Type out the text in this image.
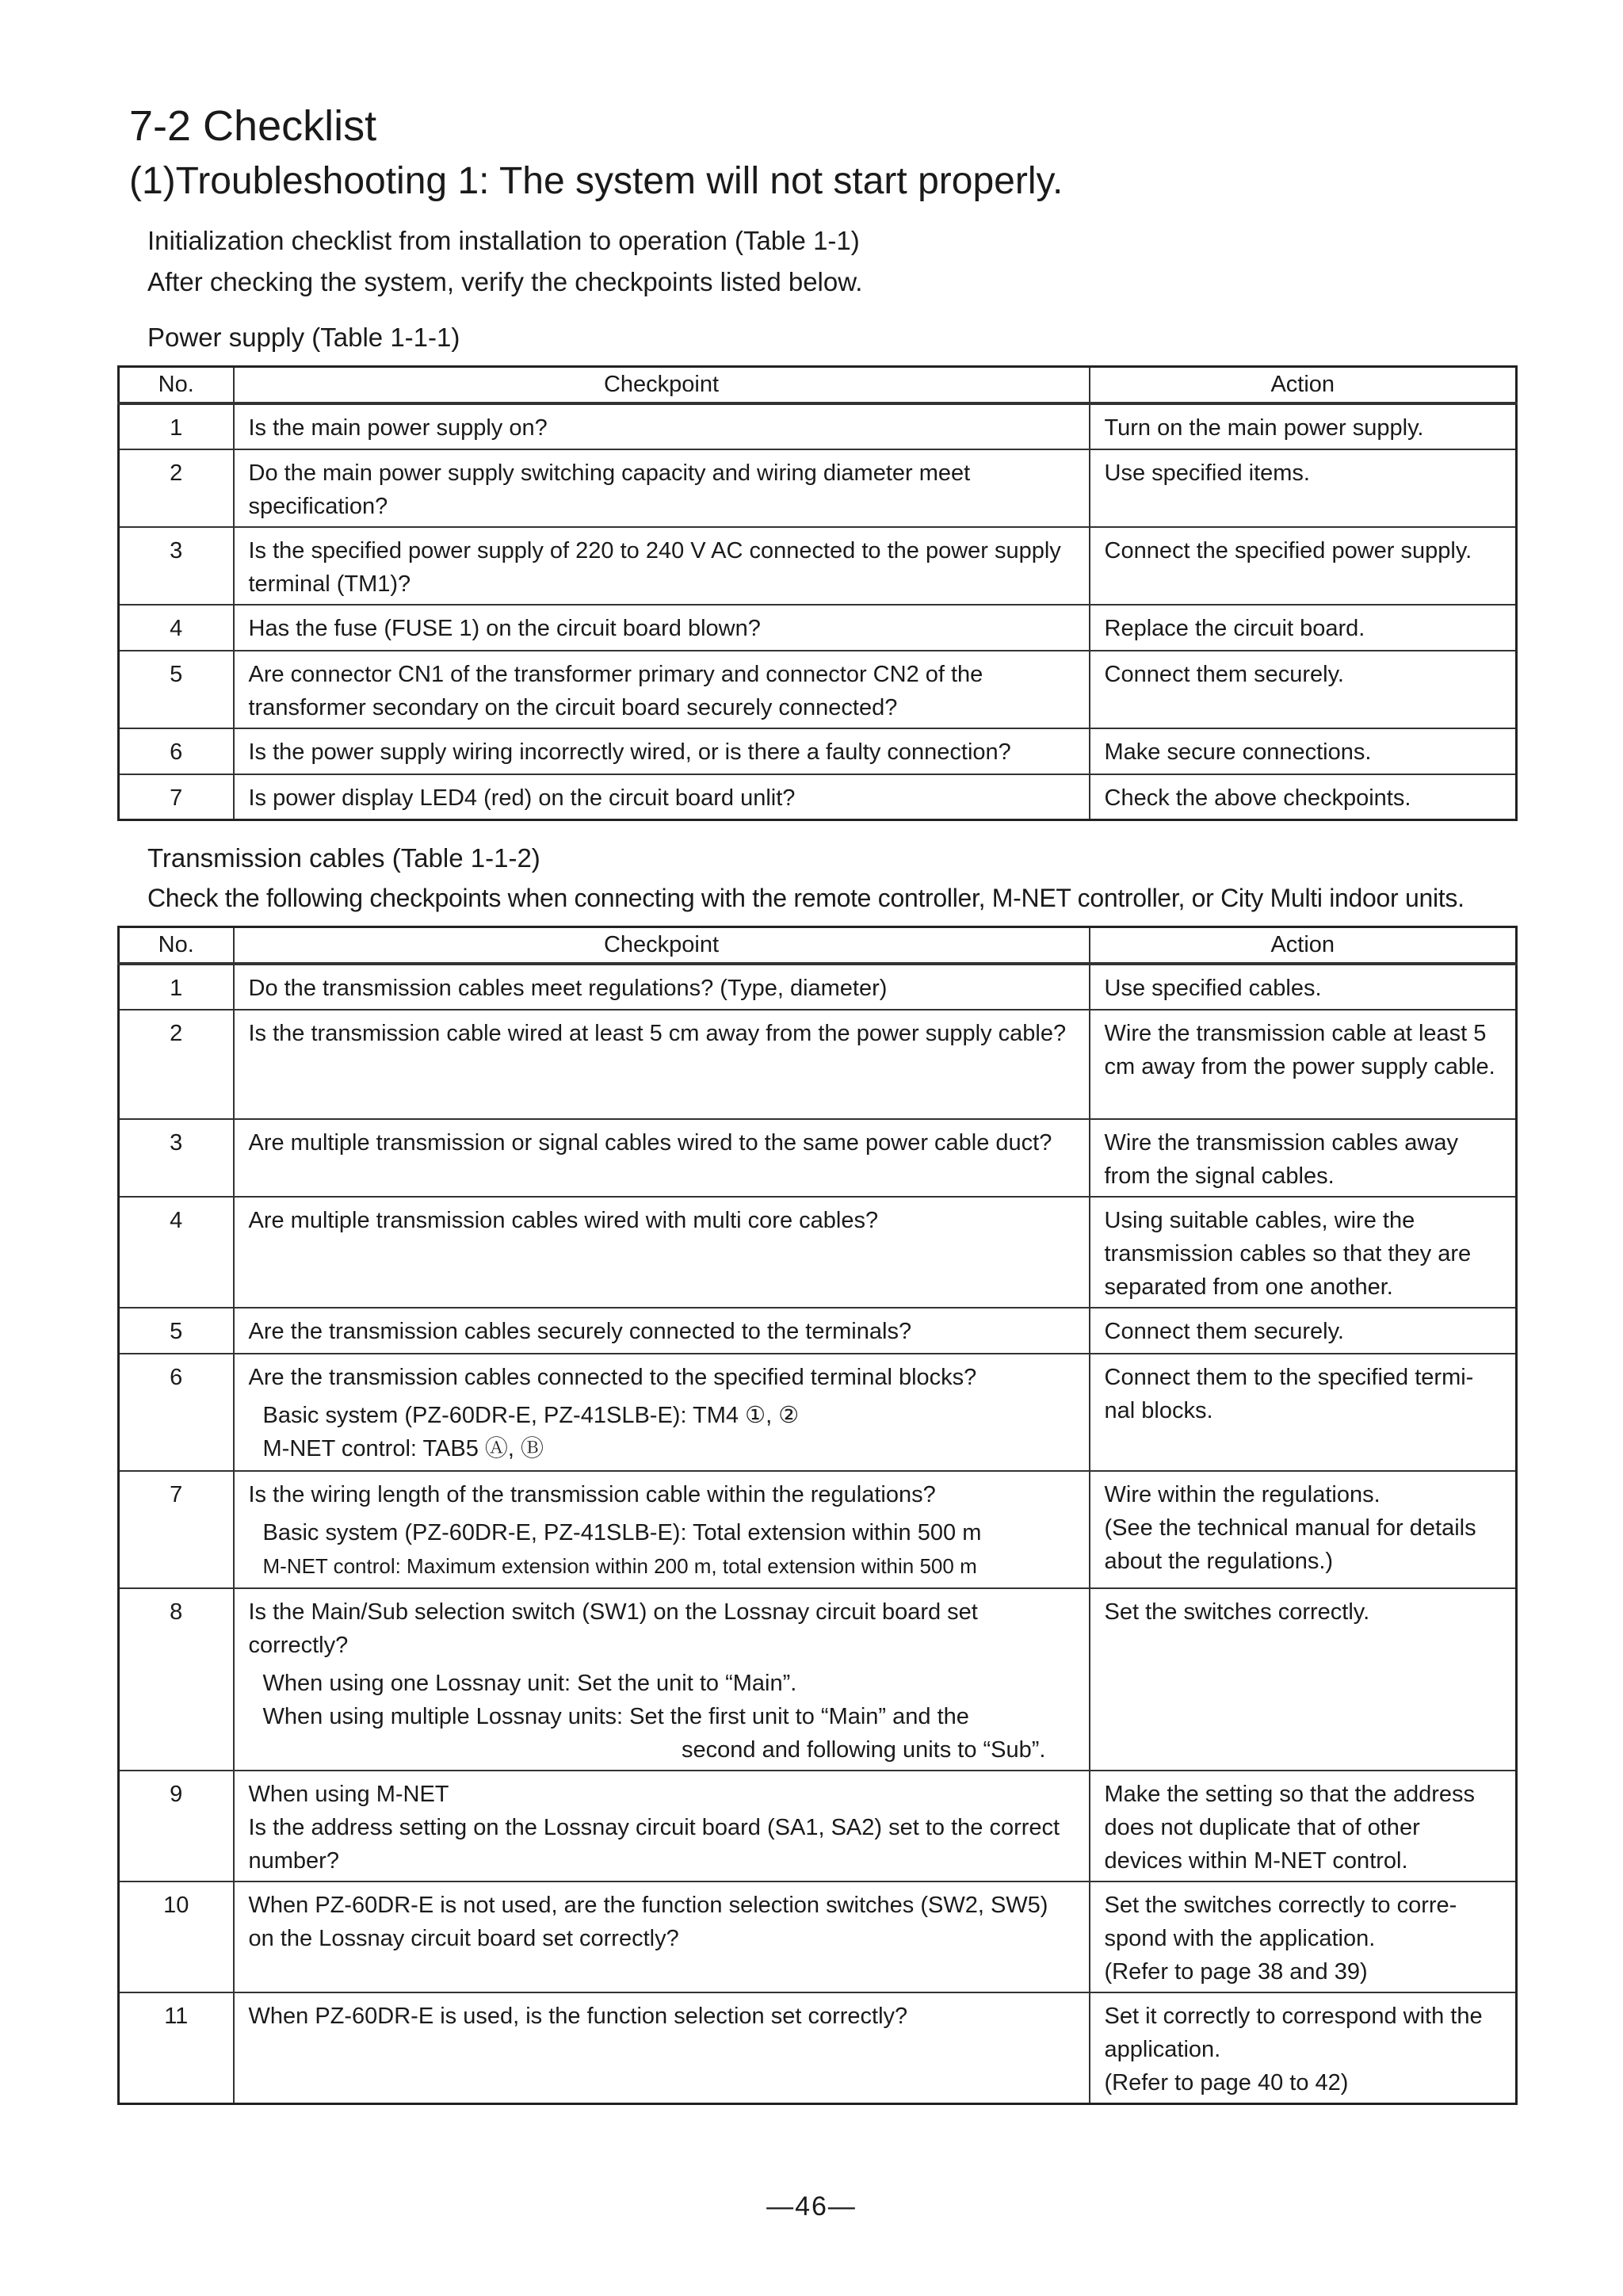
7-2 Checklist
(1)Troubleshooting 1: The system will not start properly.

Initialization checklist from installation to operation (Table 1-1)

After checking the system, verify the checkpoints listed below.

Power supply (Table 1-1-1)

No.	Checkpoint	Action
1	Is the main power supply on?	Turn on the main power supply.
2	Do the main power supply switching capacity and wiring diameter meet specification?	Use specified items.
3	Is the specified power supply of 220 to 240 V AC connected to the power supply terminal (TM1)?	Connect the specified power supply.
4	Has the fuse (FUSE 1) on the circuit board blown?	Replace the circuit board.
5	Are connector CN1 of the transformer primary and connector CN2 of the transformer secondary on the circuit board securely connected?	Connect them securely.
6	Is the power supply wiring incorrectly wired, or is there a faulty connection?	Make secure connections.
7	Is power display LED4 (red) on the circuit board unlit?	Check the above checkpoints.

Transmission cables (Table 1-1-2)

Check the following checkpoints when connecting with the remote controller, M-NET controller, or City Multi indoor units.

No.	Checkpoint	Action
1	Do the transmission cables meet regulations? (Type, diameter)	Use specified cables.
2	Is the transmission cable wired at least 5 cm away from the power supply cable?	Wire the transmission cable at least 5 cm away from the power supply cable.
3	Are multiple transmission or signal cables wired to the same power cable duct?	Wire the transmission cables away from the signal cables.
4	Are multiple transmission cables wired with multi core cables?	Using suitable cables, wire the transmission cables so that they are separated from one another.
5	Are the transmission cables securely connected to the terminals?	Connect them securely.
6	Are the transmission cables connected to the specified terminal blocks?
Basic system (PZ-60DR-E, PZ-41SLB-E): TM4 ①, ②
M-NET control: TAB5 Ⓐ, Ⓑ	Connect them to the specified termi-nal blocks.
7	Is the wiring length of the transmission cable within the regulations?
Basic system (PZ-60DR-E, PZ-41SLB-E): Total extension within 500 m
M-NET control: Maximum extension within 200 m, total extension within 500 m	Wire within the regulations.
(See the technical manual for details about the regulations.)

8	Is the Main/Sub selection switch (SW1) on the Lossnay circuit board set correctly?
When using one Lossnay unit: Set the unit to “Main”.
When using multiple Lossnay units: Set the first unit to “Main” and the
second and following units to “Sub”.	Set the switches correctly.
9	When using M-NET
Is the address setting on the Lossnay circuit board (SA1, SA2) set to the correct number?	Make the setting so that the address does not duplicate that of other devices within M-NET control.
10	When PZ-60DR-E is not used, are the function selection switches (SW2, SW5) on the Lossnay circuit board set correctly?	Set the switches correctly to corre-spond with the application.
(Refer to page 38 and 39)

11	When PZ-60DR-E is used, is the function selection set correctly?	Set it correctly to correspond with the application.
(Refer to page 40 to 42)
—46—
